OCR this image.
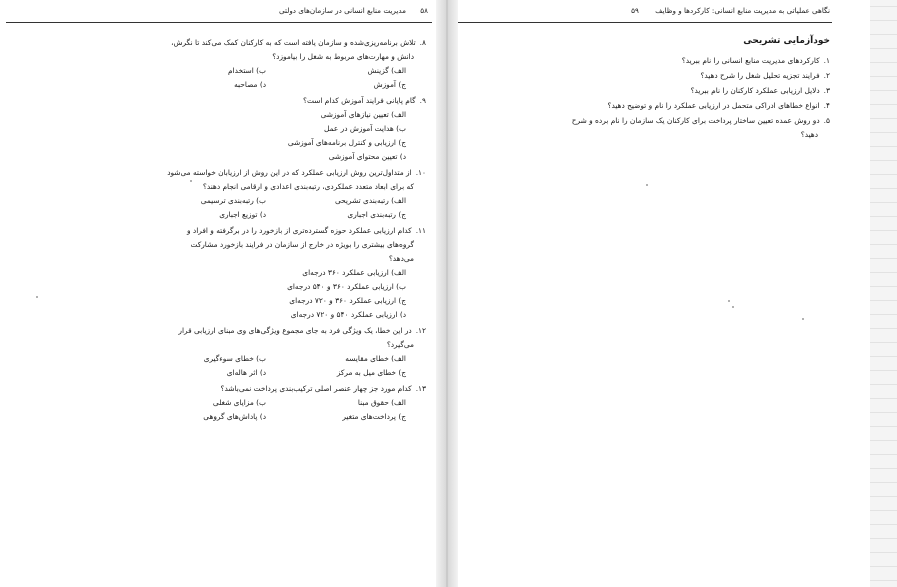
۵۸ مدیریت منابع انسانی در سازمان‌های دولتی
۸.تلاش برنامه‌ریزی‌شده و سازمان یافته است که به کارکنان کمک می‌کند تا نگرش،
دانش و مهارت‌های مربوط به شغل را بیاموزد؟
الف) گزینش
ب) استخدام
ج) آموزش
د) مصاحبه
۹.گام پایانی فرایند آموزش کدام است؟
الف) تعیین نیازهای آموزشی
ب) هدایت آموزش در عمل
ج) ارزیابی و کنترل برنامه‌های آموزشی
د) تعیین محتوای آموزشی
۱۰.از متداول‌ترین روش ارزیابی عملکرد که در این روش از ارزیابان خواسته می‌شود
که برای ابعاد متعدد عملکردی، رتبه‌بندی اعدادی و ارقامی انجام دهند؟
الف) رتبه‌بندی تشریحی
ب) رتبه‌بندی ترسیمی
ج) رتبه‌بندی اجباری
د) توزیع اجباری
۱۱.کدام ارزیابی عملکرد حوزه گسترده‌تری از بازخورد را در برگرفته و افراد و
گروه‌های بیشتری را بویژه در خارج از سازمان در فرایند بازخورد مشارکت
می‌دهد؟
الف) ارزیابی عملکرد ۳۶۰ درجه‌ای
ب) ارزیابی عملکرد ۳۶۰ و ۵۴۰ درجه‌ای
ج) ارزیابی عملکرد ۳۶۰ و ۷۲۰ درجه‌ای
د) ارزیابی عملکرد ۵۴۰ و ۷۲۰ درجه‌ای
۱۲.در این خطا، یک ویژگی فرد به جای مجموع ویژگی‌های وی مبنای ارزیابی قرار
می‌گیرد؟
الف) خطای مقایسه
ب) خطای سوء‌گیری
ج) خطای میل به مرکز
د) اثر هاله‌ای
۱۳.کدام مورد جز چهار عنصر اصلی ترکیب‌بندی پرداخت نمی‌باشد؟
الف) حقوق مبنا
ب) مزایای شغلی
ج) پرداخت‌های متغیر
د) پاداش‌های گروهی
نگاهی عملیاتی به مدیریت منابع انسانی: کارکردها و وظایف ۵۹
خودآزمایی تشریحی
۱.کارکردهای مدیریت منابع انسانی را نام ببرید؟
۲.فرایند تجزیه تحلیل شغل را شرح دهید؟
۳.دلایل ارزیابی عملکرد کارکنان را نام ببرید؟
۴.انواع خطاهای ادراکی متحمل در ارزیابی عملکرد را نام و توضیح دهید؟
۵.دو روش عمده تعیین ساختار پرداخت برای کارکنان یک سازمان را نام برده و شرح
دهید؟
